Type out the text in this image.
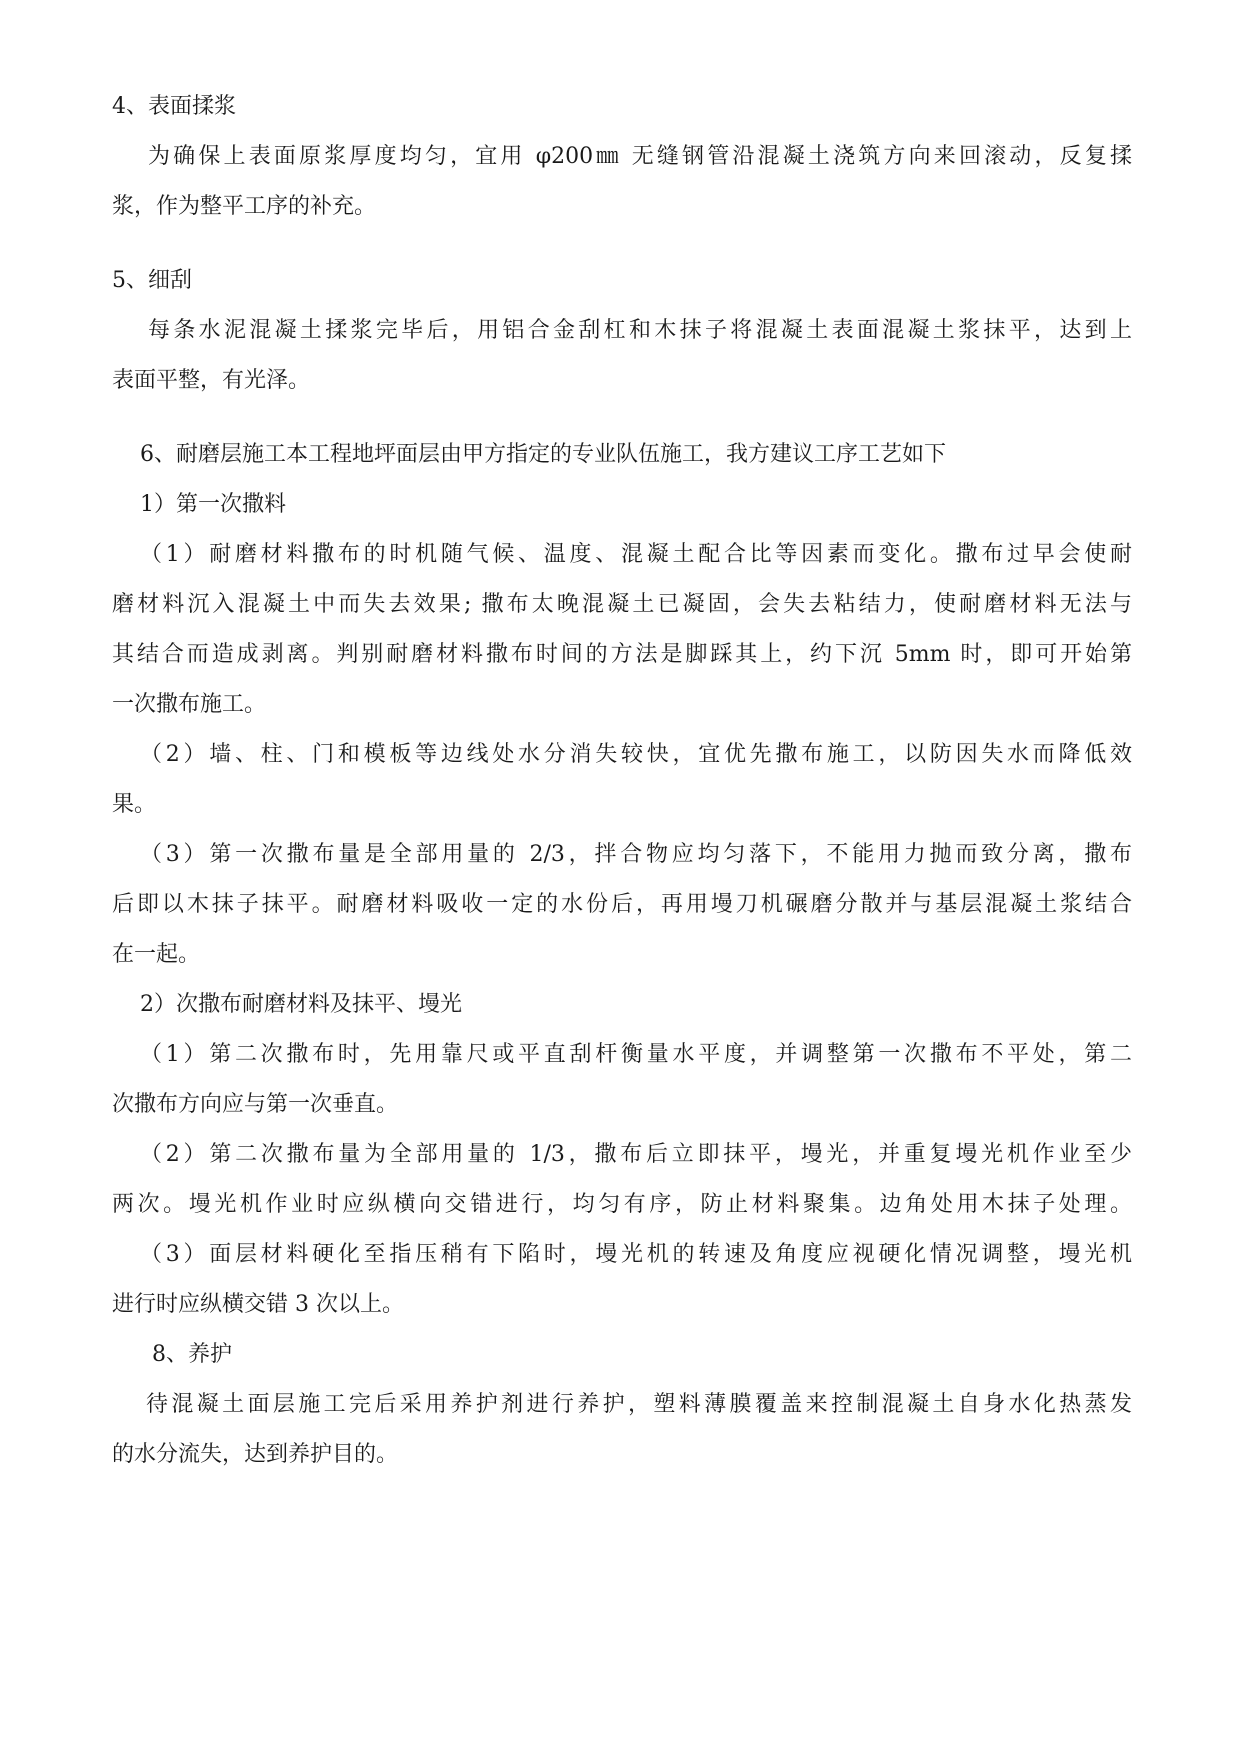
4、表面揉浆
为确保上表面原浆厚度均匀，宜用 φ200㎜ 无缝钢管沿混凝土浇筑方向来回滚动，反复揉
浆，作为整平工序的补充。
5、细刮
每条水泥混凝土揉浆完毕后，用铝合金刮杠和木抹子将混凝土表面混凝土浆抹平，达到上
表面平整，有光泽。
6、耐磨层施工本工程地坪面层由甲方指定的专业队伍施工，我方建议工序工艺如下
1）第一次撒料
（1）耐磨材料撒布的时机随气候、温度、混凝土配合比等因素而变化。撒布过早会使耐
磨材料沉入混凝土中而失去效果; 撒布太晚混凝土已凝固，会失去粘结力，使耐磨材料无法与
其结合而造成剥离。判别耐磨材料撒布时间的方法是脚踩其上，约下沉 5mm 时，即可开始第
一次撒布施工。
（2）墙、柱、门和模板等边线处水分消失较快，宜优先撒布施工，以防因失水而降低效
果。
（3）第一次撒布量是全部用量的 2/3，拌合物应均匀落下，不能用力抛而致分离，撒布
后即以木抹子抹平。耐磨材料吸收一定的水份后，再用墁刀机碾磨分散并与基层混凝土浆结合
在一起。
2）次撒布耐磨材料及抹平、墁光
（1）第二次撒布时，先用靠尺或平直刮杆衡量水平度，并调整第一次撒布不平处，第二
次撒布方向应与第一次垂直。
（2）第二次撒布量为全部用量的 1/3，撒布后立即抹平，墁光，并重复墁光机作业至少
两次。墁光机作业时应纵横向交错进行，均匀有序，防止材料聚集。边角处用木抹子处理。
（3）面层材料硬化至指压稍有下陷时，墁光机的转速及角度应视硬化情况调整，墁光机
进行时应纵横交错 3 次以上。
8、养护
待混凝土面层施工完后采用养护剂进行养护，塑料薄膜覆盖来控制混凝土自身水化热蒸发
的水分流失，达到养护目的。
